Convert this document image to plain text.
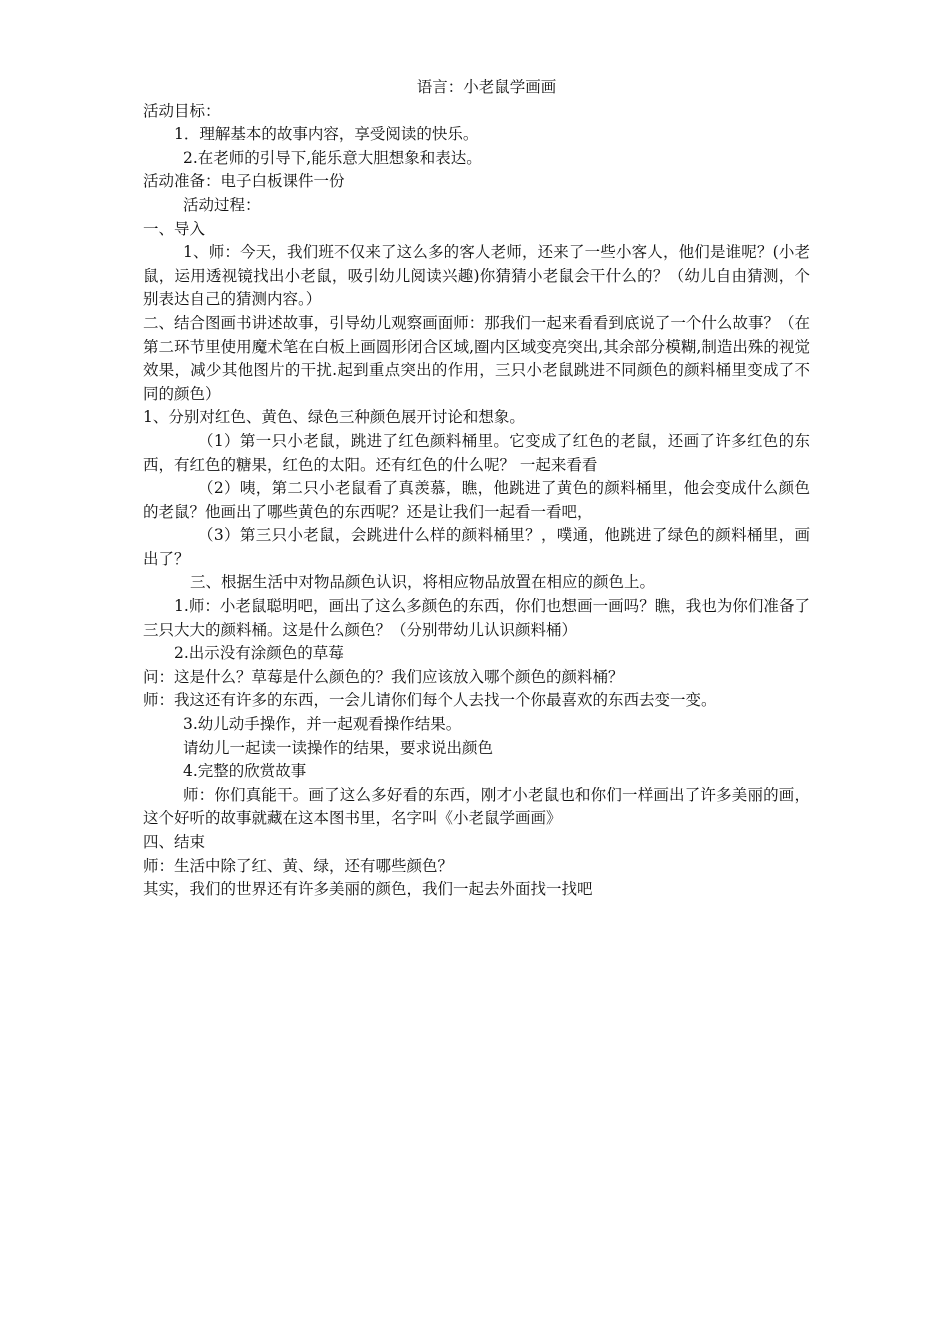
语言：小老鼠学画画

活动目标：

1．理解基本的故事内容，享受阅读的快乐。

2.在老师的引导下,能乐意大胆想象和表达。

活动准备：电子白板课件一份

活动过程：

一、导入

1、师：今天，我们班不仅来了这么多的客人老师，还来了一些小客人，他们是谁呢？(小老鼠，运用透视镜找出小老鼠，吸引幼儿阅读兴趣)你猜猜小老鼠会干什么的？（幼儿自由猜测，个别表达自己的猜测内容。）

二、结合图画书讲述故事，引导幼儿观察画面师：那我们一起来看看到底说了一个什么故事？（在第二环节里使用魔术笔在白板上画圆形闭合区域,圈内区域变亮突出,其余部分模糊,制造出殊的视觉效果，减少其他图片的干扰.起到重点突出的作用，三只小老鼠跳进不同颜色的颜料桶里变成了不同的颜色）

1、分别对红色、黄色、绿色三种颜色展开讨论和想象。

（1）第一只小老鼠，跳进了红色颜料桶里。它变成了红色的老鼠，还画了许多红色的东西，有红色的糖果，红色的太阳。还有红色的什么呢？ 一起来看看

（2）咦，第二只小老鼠看了真羡慕，瞧，他跳进了黄色的颜料桶里，他会变成什么颜色的老鼠？他画出了哪些黄色的东西呢？还是让我们一起看一看吧，

（3）第三只小老鼠，会跳进什么样的颜料桶里？，噗通，他跳进了绿色的颜料桶里，画出了？

三、根据生活中对物品颜色认识，将相应物品放置在相应的颜色上。

1.师：小老鼠聪明吧，画出了这么多颜色的东西，你们也想画一画吗？瞧，我也为你们准备了三只大大的颜料桶。这是什么颜色？（分别带幼儿认识颜料桶）

2.出示没有涂颜色的草莓

问：这是什么？草莓是什么颜色的？我们应该放入哪个颜色的颜料桶？

师：我这还有许多的东西，一会儿请你们每个人去找一个你最喜欢的东西去变一变。

3.幼儿动手操作，并一起观看操作结果。

请幼儿一起读一读操作的结果，要求说出颜色

4.完整的欣赏故事

师：你们真能干。画了这么多好看的东西，刚才小老鼠也和你们一样画出了许多美丽的画，这个好听的故事就藏在这本图书里，名字叫《小老鼠学画画》

四、结束

师：生活中除了红、黄、绿，还有哪些颜色？

其实，我们的世界还有许多美丽的颜色，我们一起去外面找一找吧
